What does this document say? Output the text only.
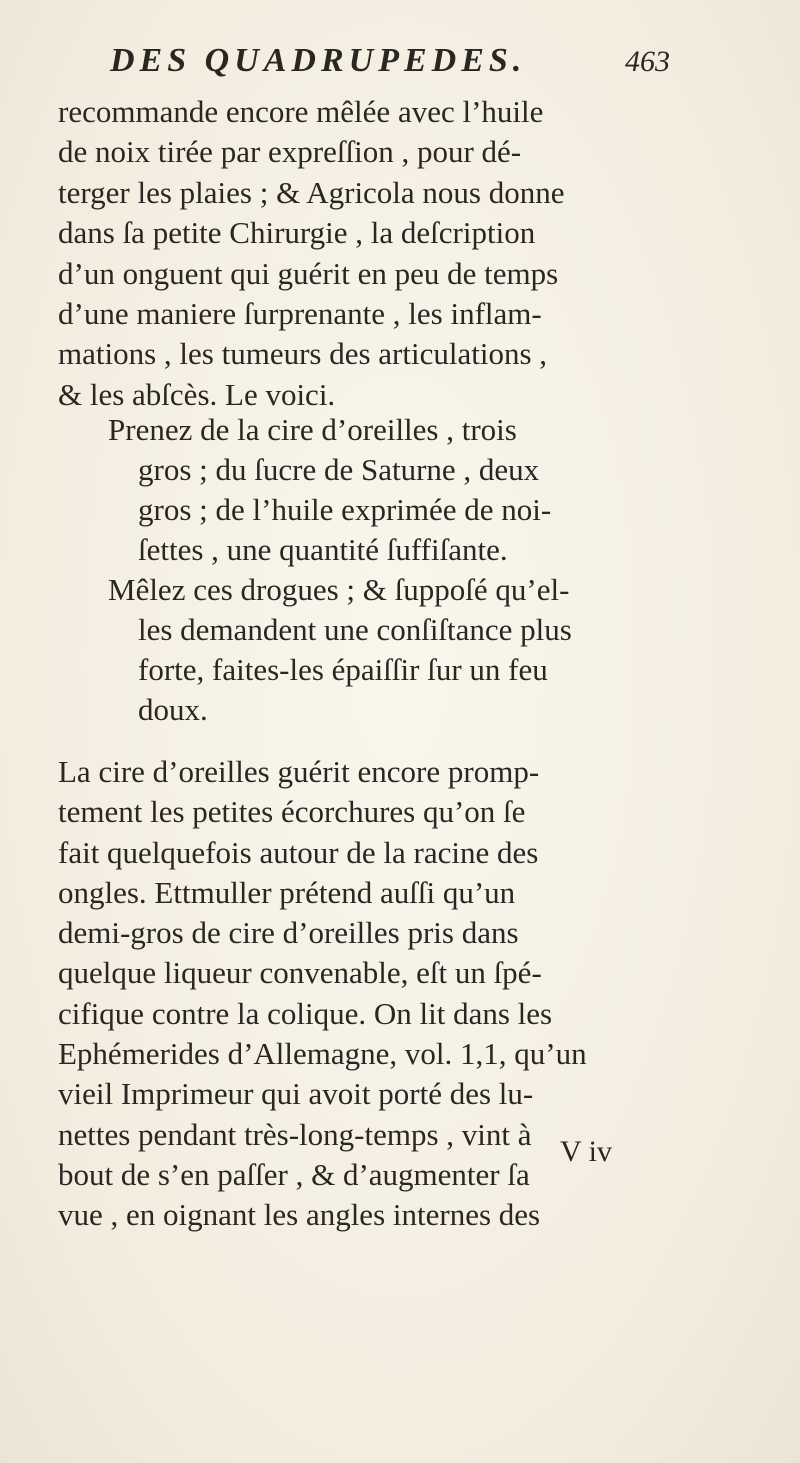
DES QUADRUPEDES.	463
recommande encore mêlée avec l’huile
de noix tirée par expreſſion , pour dé-
terger les plaies ; & Agricola nous donne
dans ſa petite Chirurgie , la deſcription
d’un onguent qui guérit en peu de temps
d’une maniere ſurprenante , les inflam-
mations , les tumeurs des articulations ,
& les abſcès. Le voici.
Prenez de la cire d’oreilles , trois
gros ; du ſucre de Saturne , deux
gros ; de l’huile exprimée de noi-
ſettes , une quantité ſuffiſante.
Mêlez ces drogues ; & ſuppoſé qu’el-
les demandent une conſiſtance plus
forte, faites-les épaiſſir ſur un feu
doux.
La cire d’oreilles guérit encore promp-
tement les petites écorchures qu’on ſe
fait quelquefois autour de la racine des
ongles. Ettmuller prétend auſſi qu’un
demi-gros de cire d’oreilles pris dans
quelque liqueur convenable, eſt un ſpé-
cifique contre la colique. On lit dans les
Ephémerides d’Allemagne, vol. 1,1, qu’un
vieil Imprimeur qui avoit porté des lu-
nettes pendant très-long-temps , vint à
bout de s’en paſſer , & d’augmenter ſa
vue , en oignant les angles internes des
V iv
